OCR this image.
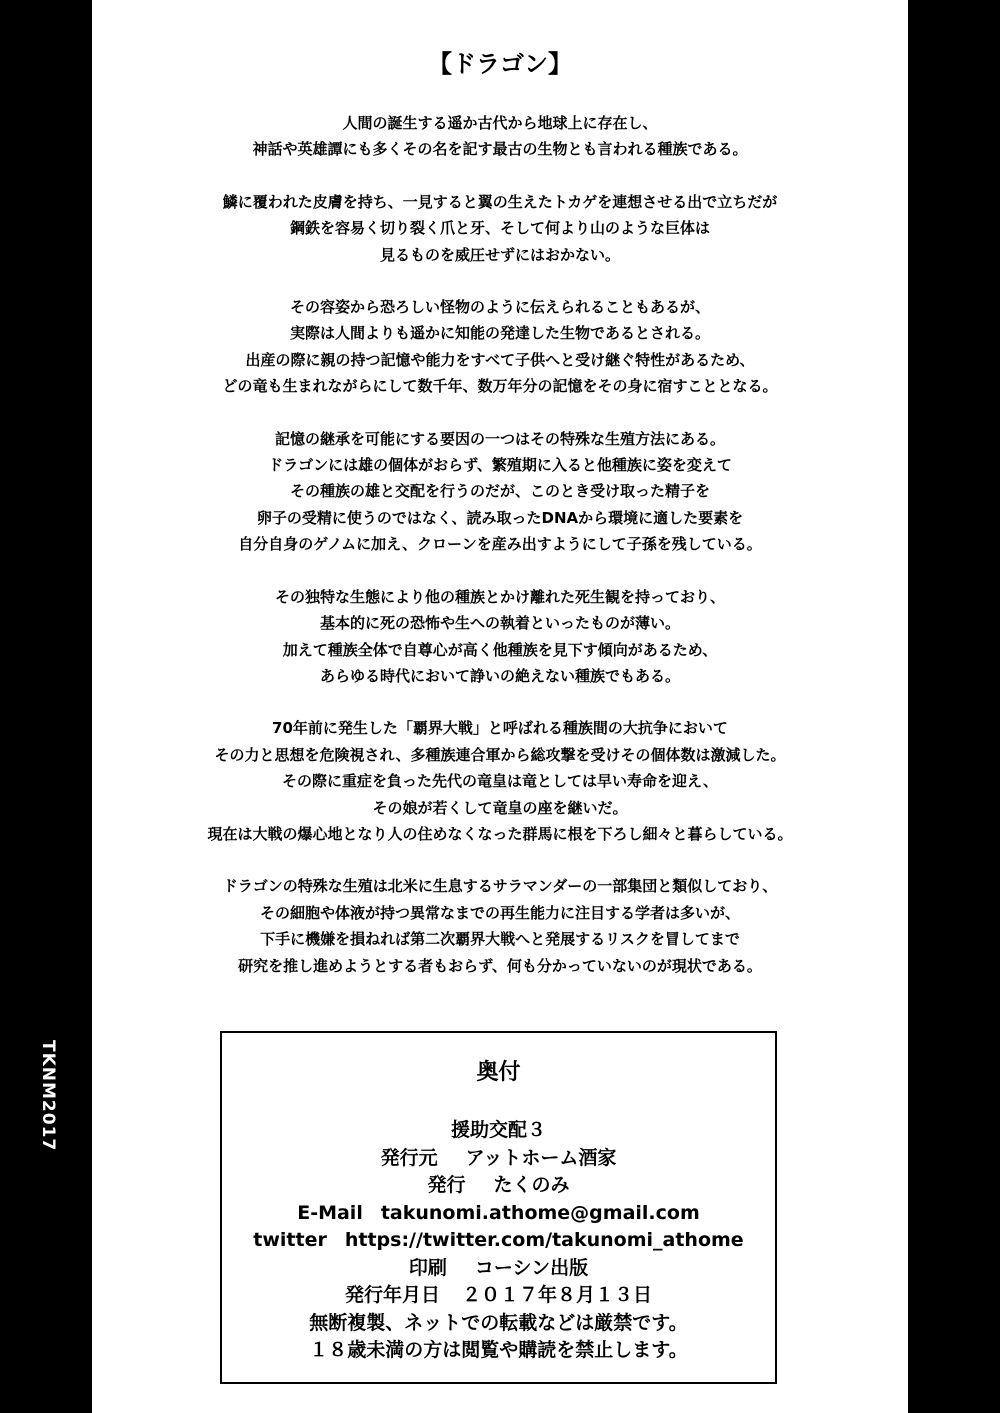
TKNM2017
【ドラゴン】
人間の誕生する遥か古代から地球上に存在し、
神話や英雄譚にも多くその名を記す最古の生物とも言われる種族である。
鱗に覆われた皮膚を持ち、一見すると翼の生えたトカゲを連想させる出で立ちだが
鋼鉄を容易く切り裂く爪と牙、そして何より山のような巨体は
見るものを威圧せずにはおかない。
その容姿から恐ろしい怪物のように伝えられることもあるが、
実際は人間よりも遥かに知能の発達した生物であるとされる。
出産の際に親の持つ記憶や能力をすべて子供へと受け継ぐ特性があるため、
どの竜も生まれながらにして数千年、数万年分の記憶をその身に宿すこととなる。
記憶の継承を可能にする要因の一つはその特殊な生殖方法にある。
ドラゴンには雄の個体がおらず、繁殖期に入ると他種族に姿を変えて
その種族の雄と交配を行うのだが、このとき受け取った精子を
卵子の受精に使うのではなく、読み取ったDNAから環境に適した要素を
自分自身のゲノムに加え、クローンを産み出すようにして子孫を残している。
その独特な生態により他の種族とかけ離れた死生観を持っており、
基本的に死の恐怖や生への執着といったものが薄い。
加えて種族全体で自尊心が高く他種族を見下す傾向があるため、
あらゆる時代において諍いの絶えない種族でもある。
70年前に発生した「覇界大戦」と呼ばれる種族間の大抗争において
その力と思想を危険視され、多種族連合軍から総攻撃を受けその個体数は激減した。
その際に重症を負った先代の竜皇は竜としては早い寿命を迎え、
その娘が若くして竜皇の座を継いだ。
現在は大戦の爆心地となり人の住めなくなった群馬に根を下ろし細々と暮らしている。
ドラゴンの特殊な生殖は北米に生息するサラマンダーの一部集団と類似しており、
その細胞や体液が持つ異常なまでの再生能力に注目する学者は多いが、
下手に機嫌を損ねれば第二次覇界大戦へと発展するリスクを冒してまで
研究を推し進めようとする者もおらず、何も分かっていないのが現状である。
奥付
援助交配３
発行元 アットホーム酒家
発行 たくのみ
E-Mail takunomi.athome@gmail.com
twitter https://twitter.com/takunomi_athome
印刷 コーシン出版
発行年月日 ２０１７年８月１３日
無断複製、ネットでの転載などは厳禁です。
１８歳未満の方は閲覧や購読を禁止します。
